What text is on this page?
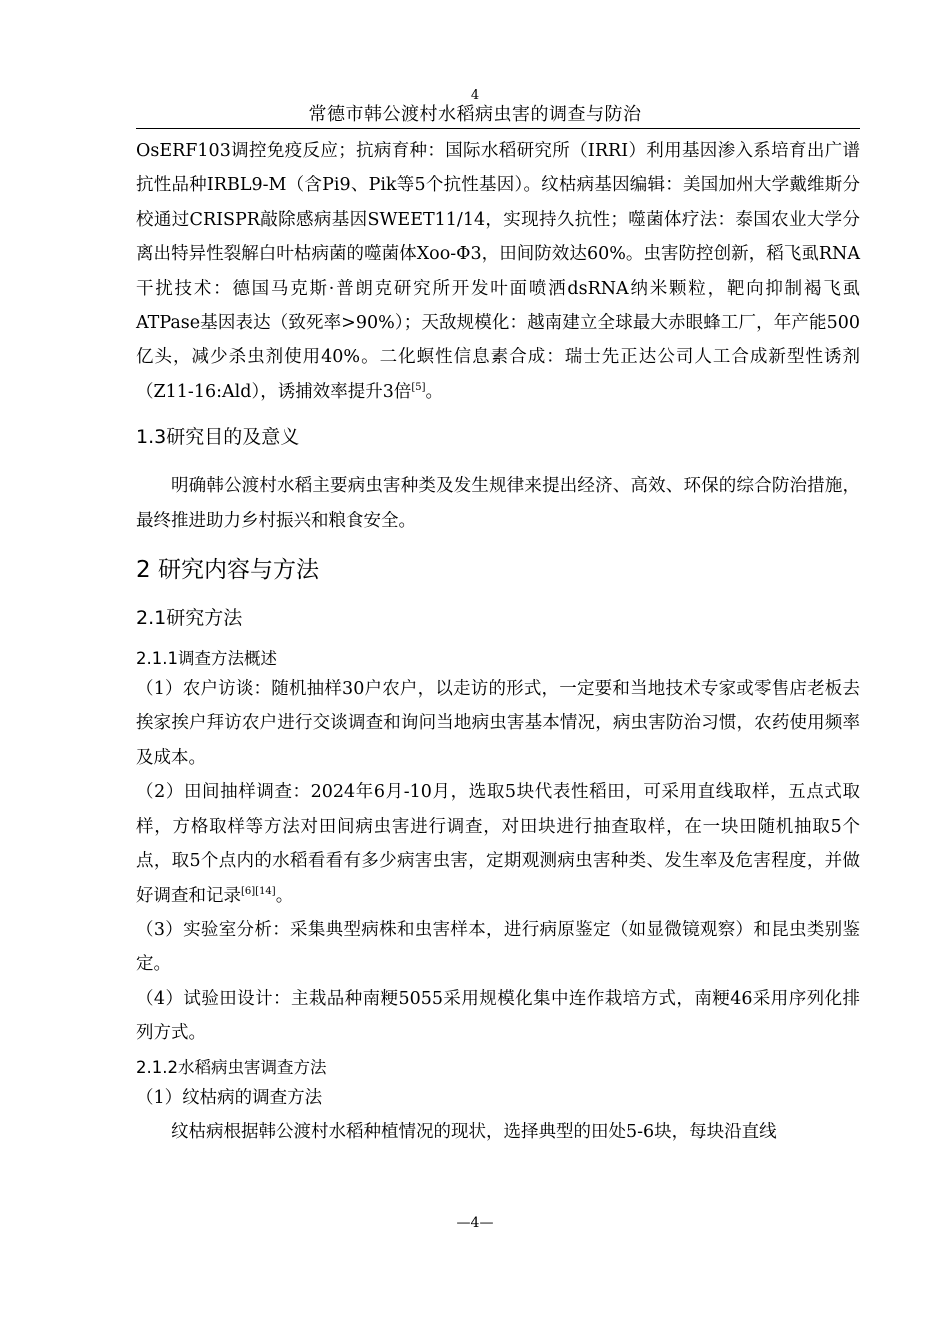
4
常德市韩公渡村水稻病虫害的调查与防治

OsERF103调控免疫反应；抗病育种：国际水稻研究所（IRRI）利用基因渗入系培育出广谱抗性品种IRBL9-M（含Pi9、Pik等5个抗性基因）。纹枯病基因编辑：美国加州大学戴维斯分校通过CRISPR敲除感病基因SWEET11/14，实现持久抗性；噬菌体疗法：泰国农业大学分离出特异性裂解白叶枯病菌的噬菌体Xoo-Φ3，田间防效达60%。虫害防控创新，稻飞虱RNA干扰技术：德国马克斯·普朗克研究所开发叶面喷洒dsRNA纳米颗粒，靶向抑制褐飞虱ATPase基因表达（致死率>90%）；天敌规模化：越南建立全球最大赤眼蜂工厂，年产能500亿头，减少杀虫剂使用40%。二化螟性信息素合成：瑞士先正达公司人工合成新型性诱剂（Z11-16:Ald），诱捕效率提升3倍[5]。

1.3研究目的及意义

明确韩公渡村水稻主要病虫害种类及发生规律来提出经济、高效、环保的综合防治措施，最终推进助力乡村振兴和粮食安全。

2 研究内容与方法
2.1研究方法
2.1.1调查方法概述

（1）农户访谈：随机抽样30户农户，以走访的形式，一定要和当地技术专家或零售店老板去挨家挨户拜访农户进行交谈调查和询问当地病虫害基本情况，病虫害防治习惯，农药使用频率及成本。

（2）田间抽样调查：2024年6月-10月，选取5块代表性稻田，可采用直线取样，五点式取样，方格取样等方法对田间病虫害进行调查，对田块进行抽查取样，在一块田随机抽取5个点，取5个点内的水稻看看有多少病害虫害，定期观测病虫害种类、发生率及危害程度，并做好调查和记录[6][14]。

（3）实验室分析：采集典型病株和虫害样本，进行病原鉴定（如显微镜观察）和昆虫类别鉴定。

（4）试验田设计：主栽品种南粳5055采用规模化集中连作栽培方式，南粳46采用序列化排列方式。

2.1.2水稻病虫害调查方法

（1）纹枯病的调查方法

纹枯病根据韩公渡村水稻种植情况的现状，选择典型的田处5-6块，每块沿直线

—4—
